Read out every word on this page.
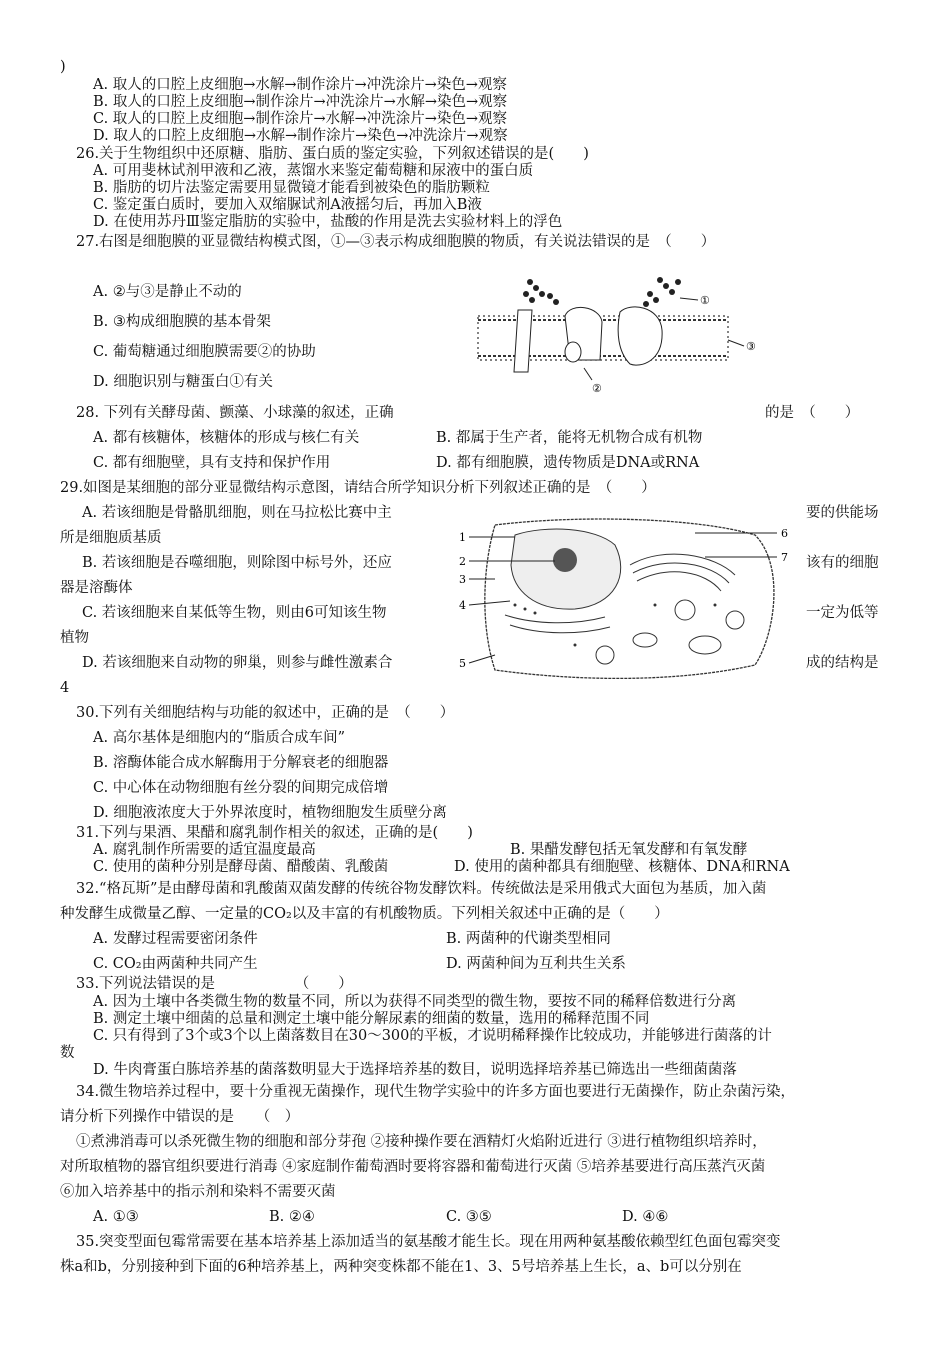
)
A. 取人的口腔上皮细胞→水解→制作涂片→冲洗涂片→染色→观察
B. 取人的口腔上皮细胞→制作涂片→冲洗涂片→水解→染色→观察
C. 取人的口腔上皮细胞→制作涂片→水解→冲洗涂片→染色→观察
D. 取人的口腔上皮细胞→水解→制作涂片→染色→冲洗涂片→观察
26.关于生物组织中还原糖、脂肪、蛋白质的鉴定实验，下列叙述错误的是(　　)
A. 可用斐林试剂甲液和乙液，蒸馏水来鉴定葡萄糖和尿液中的蛋白质
B. 脂肪的切片法鉴定需要用显微镜才能看到被染色的脂肪颗粒
C. 鉴定蛋白质时，要加入双缩脲试剂A液摇匀后，再加入B液
D. 在使用苏丹Ⅲ鉴定脂肪的实验中，盐酸的作用是洗去实验材料上的浮色
27.右图是细胞膜的亚显微结构模式图，①—③表示构成细胞膜的物质，有关说法错误的是　（　　）
A. ②与③是静止不动的
B. ③构成细胞膜的基本骨架
C. 葡萄糖通过细胞膜需要②的协助
D. 细胞识别与糖蛋白①有关
①
②
③
28. 下列有关酵母菌、颤藻、小球藻的叙述，正确	的是　（　　）
A. 都有核糖体，核糖体的形成与核仁有关	B. 都属于生产者，能将无机物合成有机物
C. 都有细胞壁，具有支持和保护作用	D. 都有细胞膜，遗传物质是DNA或RNA
29.如图是某细胞的部分亚显微结构示意图，请结合所学知识分析下列叙述正确的是　（　　）
A. 若该细胞是骨骼肌细胞，则在马拉松比赛中主	要的供能场
所是细胞质基质
B. 若该细胞是吞噬细胞，则除图中标号外，还应	该有的细胞
器是溶酶体
C. 若该细胞来自某低等生物，则由6可知该生物	一定为低等
植物
D. 若该细胞来自动物的卵巢，则参与雌性激素合	成的结构是
4
1
2
3
4
5
6
7
30.下列有关细胞结构与功能的叙述中，正确的是　（　　）
A. 高尔基体是细胞内的“脂质合成车间”
B. 溶酶体能合成水解酶用于分解衰老的细胞器
C. 中心体在动物细胞有丝分裂的间期完成倍增
D. 细胞液浓度大于外界浓度时，植物细胞发生质壁分离
31.下列与果酒、果醋和腐乳制作相关的叙述，正确的是(　　)
A. 腐乳制作所需要的适宜温度最高	B. 果醋发酵包括无氧发酵和有氧发酵
C. 使用的菌种分别是酵母菌、醋酸菌、乳酸菌	D. 使用的菌种都具有细胞壁、核糖体、DNA和RNA
32.“格瓦斯”是由酵母菌和乳酸菌双菌发酵的传统谷物发酵饮料。传统做法是采用俄式大面包为基质，加入菌
种发酵生成微量乙醇、一定量的CO₂以及丰富的有机酸物质。下列相关叙述中正确的是（　　）
A. 发酵过程需要密闭条件	B. 两菌种的代谢类型相同
C. CO₂由两菌种共同产生	D. 两菌种间为互利共生关系
33.下列说法错误的是　　　　　　（　　）
A. 因为土壤中各类微生物的数量不同，所以为获得不同类型的微生物，要按不同的稀释倍数进行分离
B. 测定土壤中细菌的总量和测定土壤中能分解尿素的细菌的数量，选用的稀释范围不同
C. 只有得到了3个或3个以上菌落数目在30～300的平板，才说明稀释操作比较成功，并能够进行菌落的计
数
D. 牛肉膏蛋白胨培养基的菌落数明显大于选择培养基的数目，说明选择培养基已筛选出一些细菌菌落
34.微生物培养过程中，要十分重视无菌操作，现代生物学实验中的许多方面也要进行无菌操作，防止杂菌污染，
请分析下列操作中错误的是　　（　）
①煮沸消毒可以杀死微生物的细胞和部分芽孢 ②接种操作要在酒精灯火焰附近进行 ③进行植物组织培养时，
对所取植物的器官组织要进行消毒 ④家庭制作葡萄酒时要将容器和葡萄进行灭菌 ⑤培养基要进行高压蒸汽灭菌
⑥加入培养基中的指示剂和染料不需要灭菌
A. ①③	B. ②④	C. ③⑤	D. ④⑥
35.突变型面包霉常需要在基本培养基上添加适当的氨基酸才能生长。现在用两种氨基酸依赖型红色面包霉突变
株a和b，分别接种到下面的6种培养基上，两种突变株都不能在1、3、5号培养基上生长，a、b可以分别在
